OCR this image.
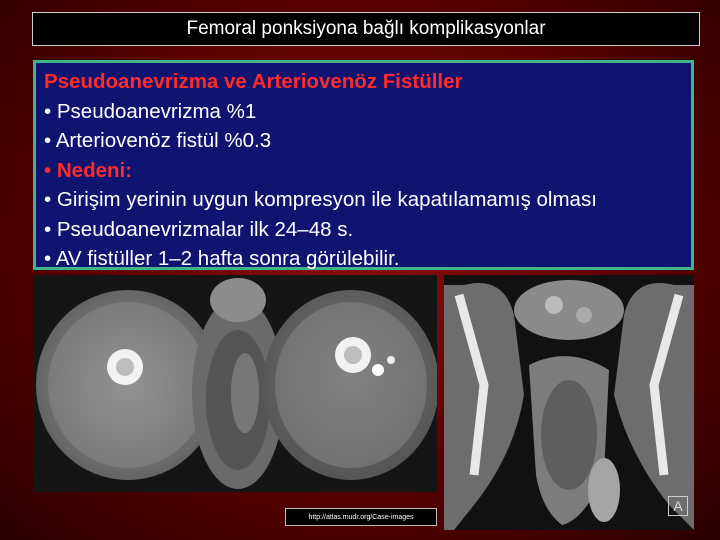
Femoral ponksiyona bağlı komplikasyonlar
Pseudoanevrizma ve Arteriovenöz Fistüller
• Pseudoanevrizma %1
• Arteriovenöz fistül %0.3
• Nedeni:
• Girişim yerinin uygun kompresyon ile kapatılamamış olması
• Pseudoanevrizmalar ilk 24–48 s.
• AV fistüller 1–2 hafta sonra görülebilir.
A
http://atlas.mudr.org/Case-images
